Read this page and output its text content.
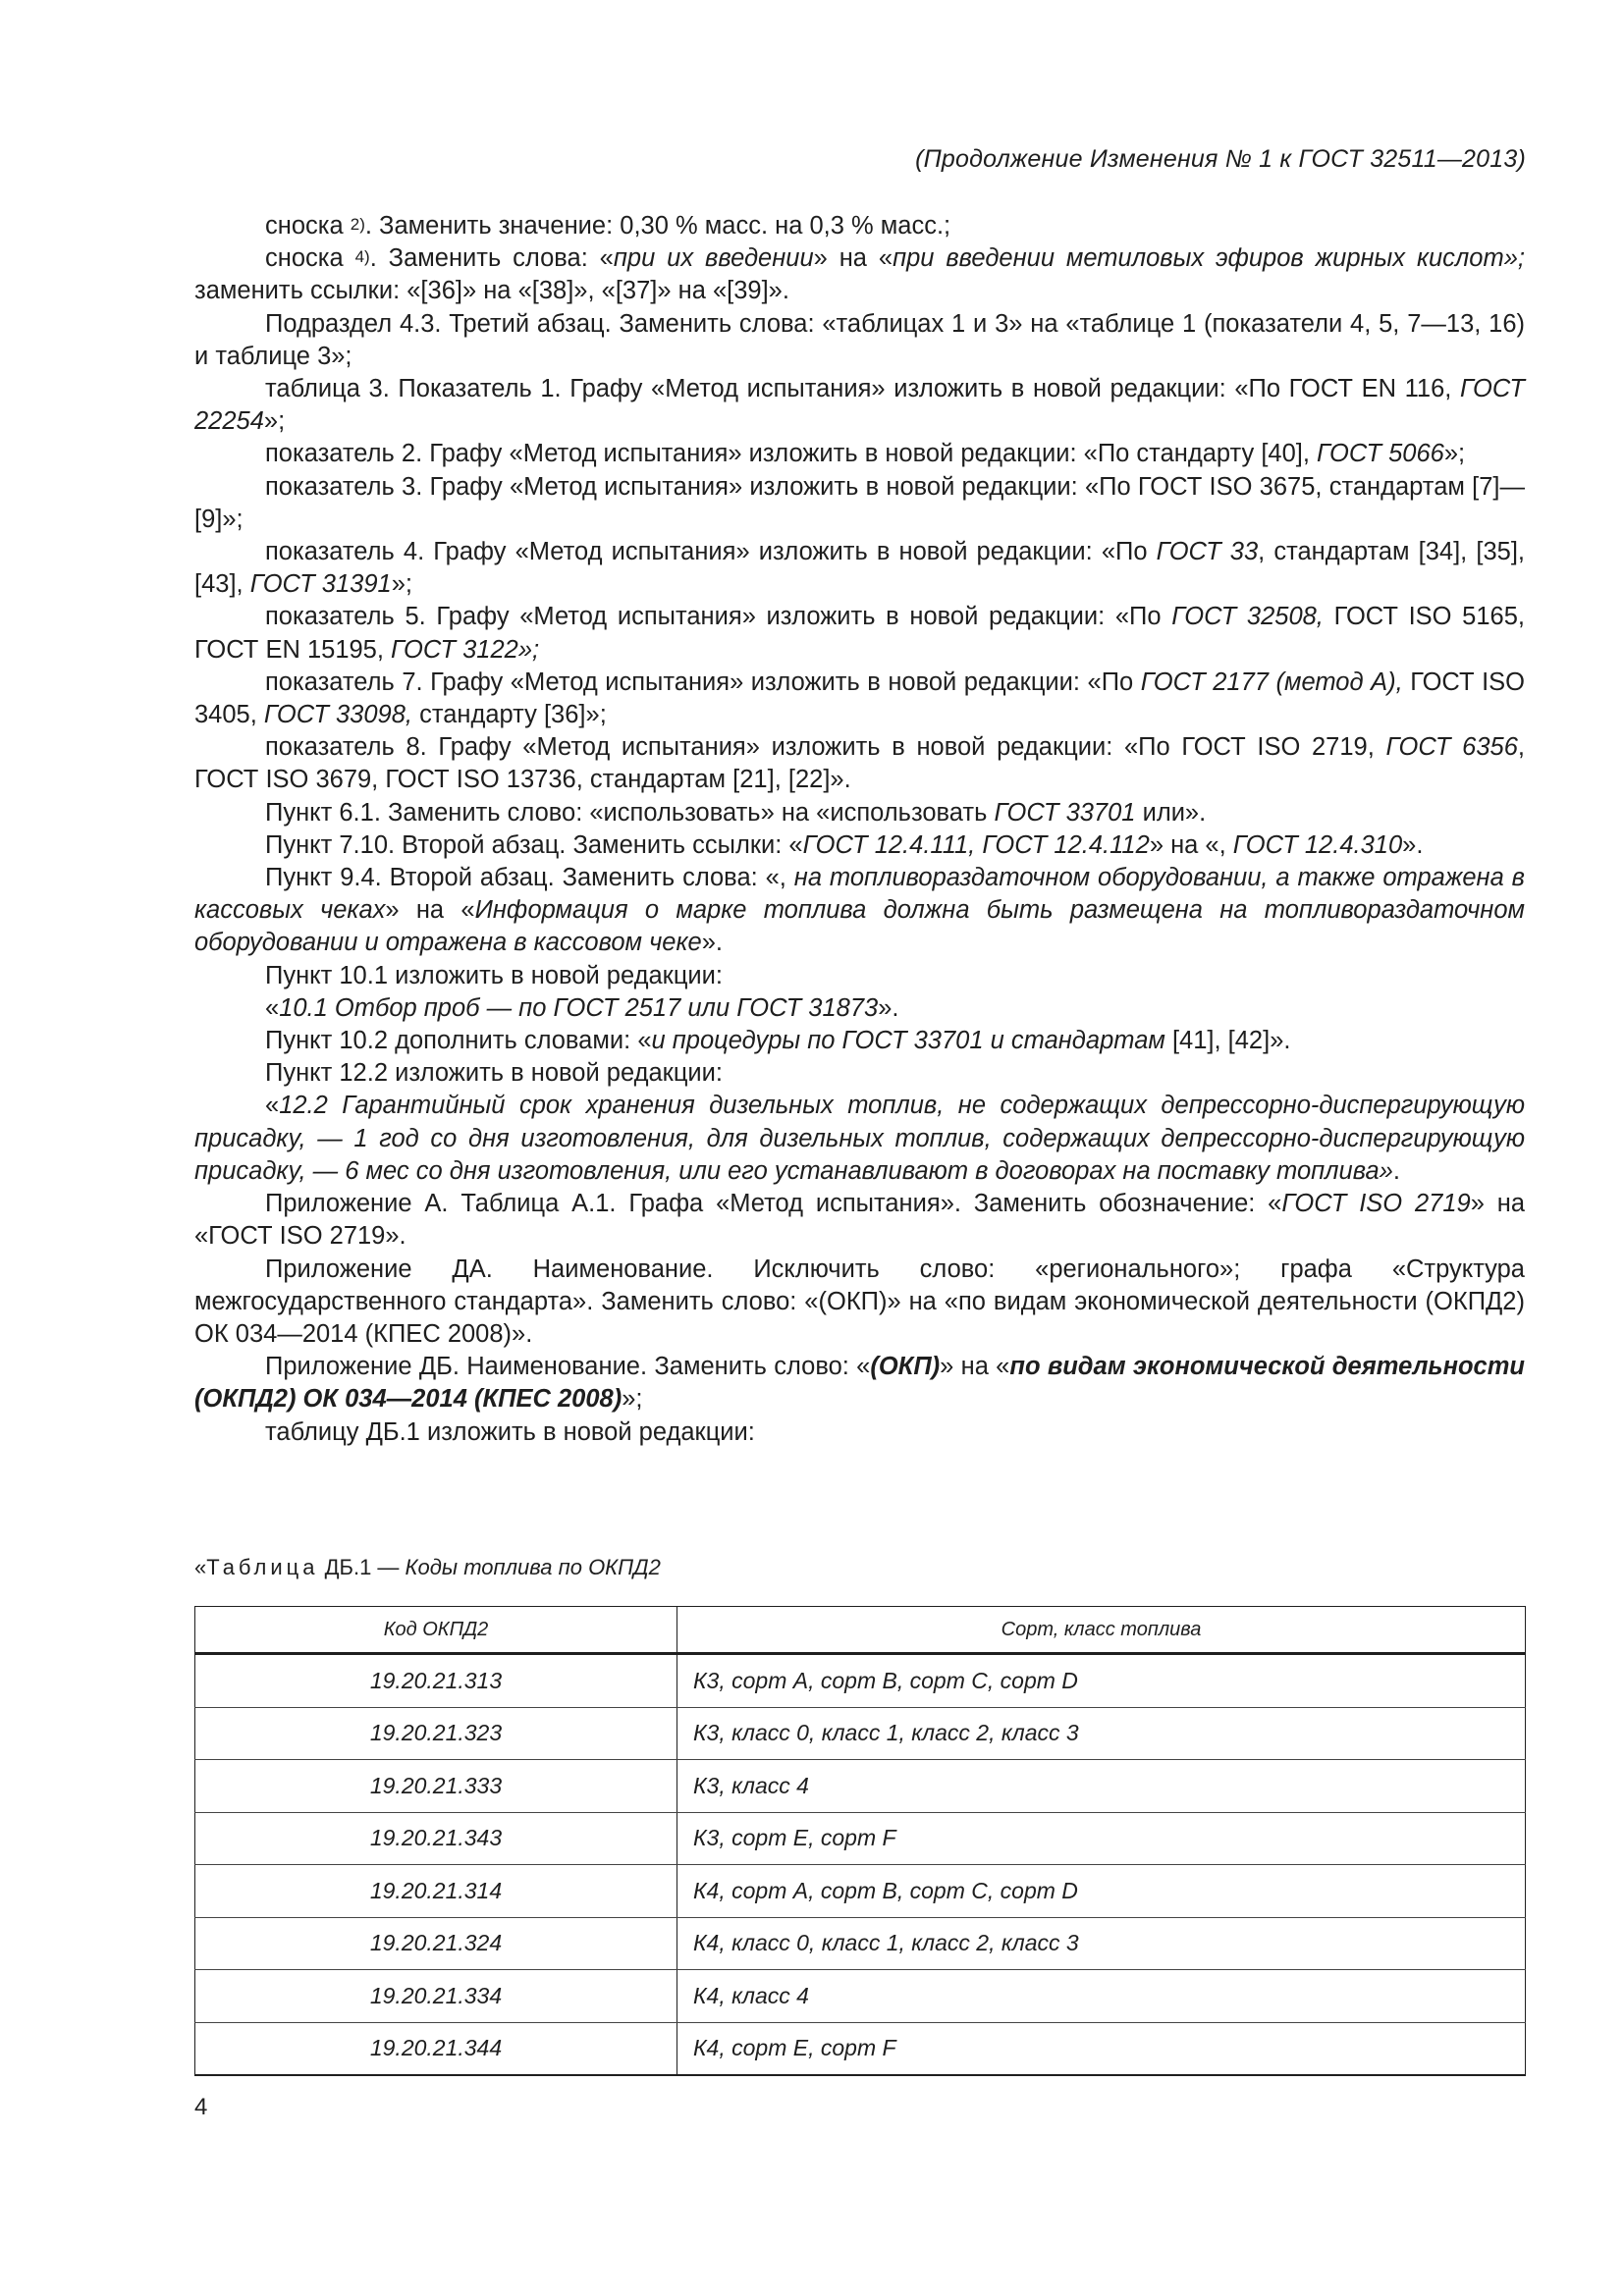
(Продолжение Изменения № 1 к ГОСТ 32511—2013)

сноска $^{2)}$. Заменить значение: 0,30 % масс. на 0,3 % масс.;

сноска $^{4)}$. Заменить слова: «при их введении» на «при введении метиловых эфиров жирных кислот»; заменить ссылки: «[36]» на «[38]», «[37]» на «[39]».

Подраздел 4.3. Третий абзац. Заменить слова: «таблицах 1 и 3» на «таблице 1 (показатели 4, 5, 7—13, 16) и таблице 3»;

таблица 3. Показатель 1. Графу «Метод испытания» изложить в новой редакции: «По ГОСТ EN 116, ГОСТ 22254»;

показатель 2. Графу «Метод испытания» изложить в новой редакции: «По стандарту [40], ГОСТ 5066»;

показатель 3. Графу «Метод испытания» изложить в новой редакции: «По ГОСТ ISO 3675, стандартам [7]—[9]»;

показатель 4. Графу «Метод испытания» изложить в новой редакции: «По ГОСТ 33, стандартам [34], [35], [43], ГОСТ 31391»;

показатель 5. Графу «Метод испытания» изложить в новой редакции: «По ГОСТ 32508, ГОСТ ISO 5165, ГОСТ EN 15195, ГОСТ 3122»;

показатель 7. Графу «Метод испытания» изложить в новой редакции: «По ГОСТ 2177 (метод А), ГОСТ ISO 3405, ГОСТ 33098, стандарту [36]»;

показатель 8. Графу «Метод испытания» изложить в новой редакции: «По ГОСТ ISO 2719, ГОСТ 6356, ГОСТ ISO 3679, ГОСТ ISO 13736, стандартам [21], [22]».

Пункт 6.1. Заменить слово: «использовать» на «использовать ГОСТ 33701 или».

Пункт 7.10. Второй абзац. Заменить ссылки: «ГОСТ 12.4.111, ГОСТ 12.4.112» на «, ГОСТ 12.4.310».

Пункт 9.4. Второй абзац. Заменить слова: «, на топливораздаточном оборудовании, а также отражена в кассовых чеках» на «Информация о марке топлива должна быть размещена на топливораздаточном оборудовании и отражена в кассовом чеке».

Пункт 10.1 изложить в новой редакции:

«10.1 Отбор проб — по ГОСТ 2517 или ГОСТ 31873».

Пункт 10.2 дополнить словами: «и процедуры по ГОСТ 33701 и стандартам [41], [42]».

Пункт 12.2 изложить в новой редакции:

«12.2 Гарантийный срок хранения дизельных топлив, не содержащих депрессорно-диспергирующую присадку, — 1 год со дня изготовления, для дизельных топлив, содержащих депрессорно-диспергирующую присадку, — 6 мес со дня изготовления, или его устанавливают в договорах на поставку топлива».

Приложение А. Таблица А.1. Графа «Метод испытания». Заменить обозначение: «ГОСТ ISO 2719» на «ГОСТ ISO 2719».

Приложение ДА. Наименование. Исключить слово: «регионального»; графа «Структура межгосударственного стандарта». Заменить слово: «(ОКП)» на «по видам экономической деятельности (ОКПД2) ОК 034—2014 (КПЕС 2008)».

Приложение ДБ. Наименование. Заменить слово: «(ОКП)» на «по видам экономической деятельности (ОКПД2) ОК 034—2014 (КПЕС 2008)»;

таблицу ДБ.1 изложить в новой редакции:

«Таблица ДБ.1 — Коды топлива по ОКПД2
Код ОКПД2	Сорт, класс топлива
19.20.21.313	К3, сорт А, сорт В, сорт С, сорт D
19.20.21.323	К3, класс 0, класс 1, класс 2, класс 3
19.20.21.333	К3, класс 4
19.20.21.343	К3, сорт Е, сорт F
19.20.21.314	К4, сорт А, сорт В, сорт С, сорт D
19.20.21.324	К4, класс 0, класс 1, класс 2, класс 3
19.20.21.334	К4, класс 4
19.20.21.344	К4, сорт Е, сорт F
4
